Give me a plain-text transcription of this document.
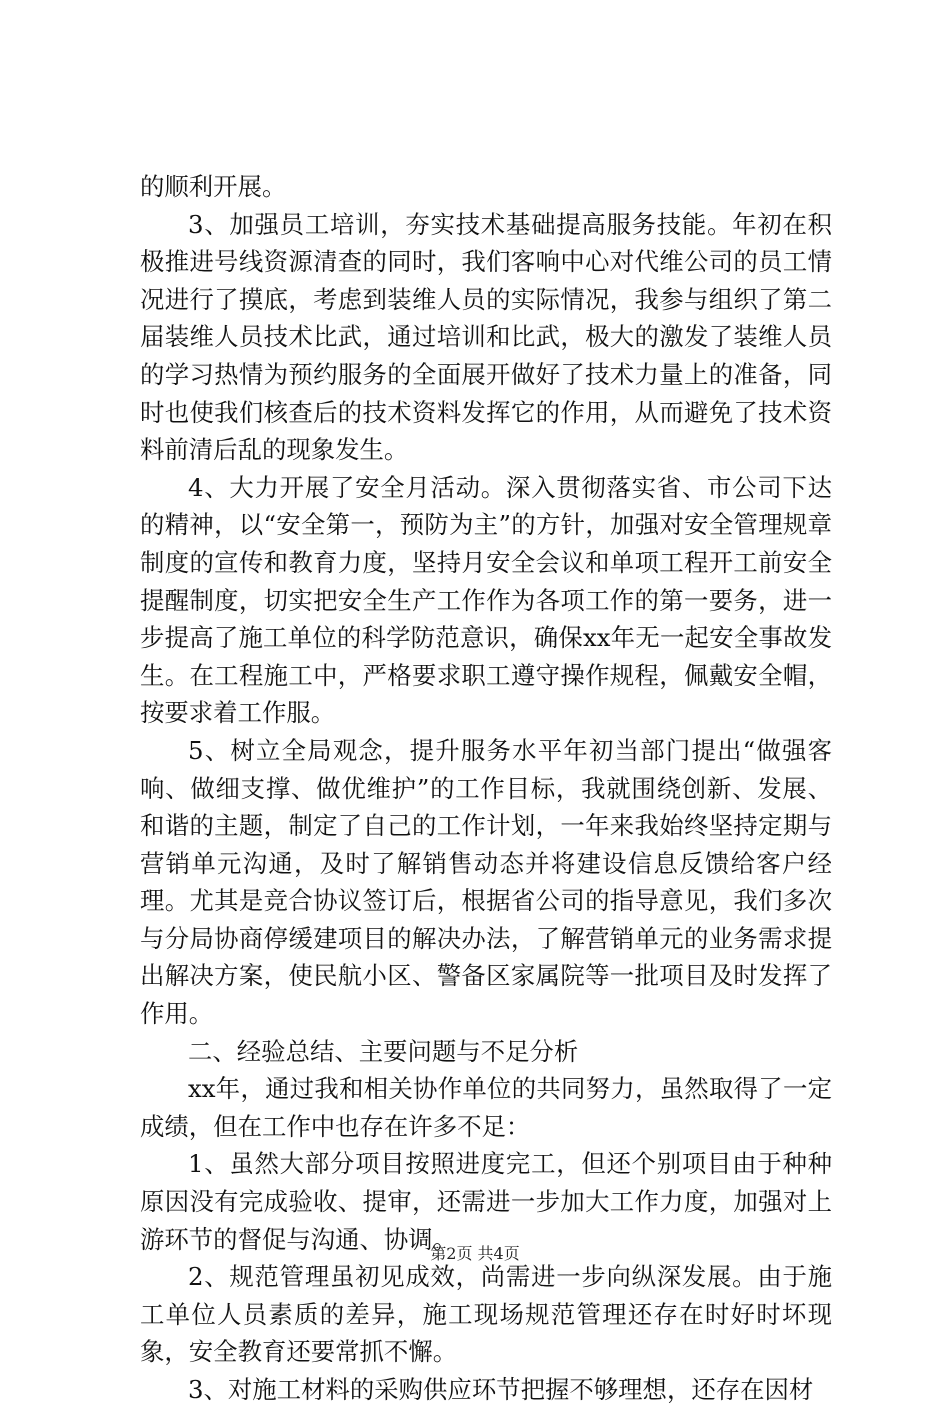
的顺利开展。

3、加强员工培训，夯实技术基础提高服务技能。年初在积极推进号线资源清查的同时，我们客响中心对代维公司的员工情况进行了摸底，考虑到装维人员的实际情况，我参与组织了第二届装维人员技术比武，通过培训和比武，极大的激发了装维人员的学习热情为预约服务的全面展开做好了技术力量上的准备，同时也使我们核查后的技术资料发挥它的作用，从而避免了技术资料前清后乱的现象发生。

4、大力开展了安全月活动。深入贯彻落实省、市公司下达的精神，以“安全第一，预防为主”的方针，加强对安全管理规章制度的宣传和教育力度，坚持月安全会议和单项工程开工前安全提醒制度，切实把安全生产工作作为各项工作的第一要务，进一步提高了施工单位的科学防范意识，确保xx年无一起安全事故发生。在工程施工中，严格要求职工遵守操作规程，佩戴安全帽，按要求着工作服。

5、树立全局观念，提升服务水平年初当部门提出“做强客响、做细支撑、做优维护”的工作目标，我就围绕创新、发展、和谐的主题，制定了自己的工作计划，一年来我始终坚持定期与营销单元沟通，及时了解销售动态并将建设信息反馈给客户经理。尤其是竞合协议签订后，根据省公司的指导意见，我们多次与分局协商停缓建项目的解决办法，了解营销单元的业务需求提出解决方案，使民航小区、警备区家属院等一批项目及时发挥了作用。

二、经验总结、主要问题与不足分析

xx年，通过我和相关协作单位的共同努力，虽然取得了一定成绩，但在工作中也存在许多不足：

1、虽然大部分项目按照进度完工，但还个别项目由于种种原因没有完成验收、提审，还需进一步加大工作力度，加强对上游环节的督促与沟通、协调。

2、规范管理虽初见成效，尚需进一步向纵深发展。由于施工单位人员素质的差异，施工现场规范管理还存在时好时坏现象，安全教育还要常抓不懈。

3、对施工材料的采购供应环节把握不够理想，还存在因材

第2页 共4页
